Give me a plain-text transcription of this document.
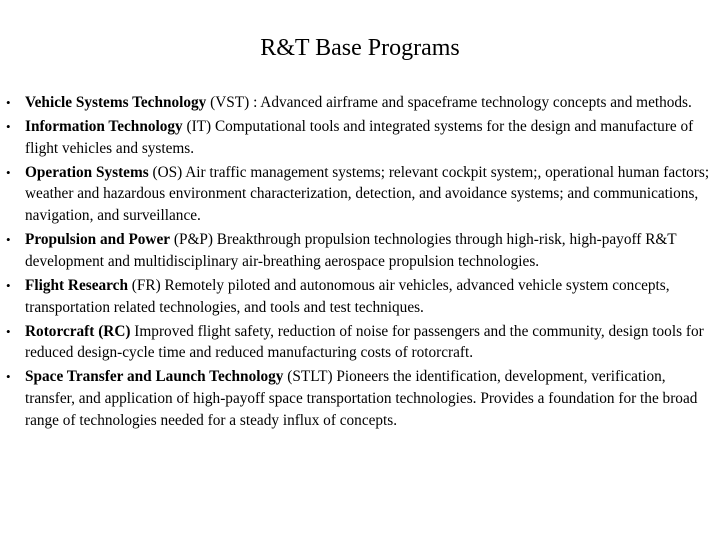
R&T Base Programs
• Vehicle Systems Technology (VST) : Advanced airframe and spaceframe technology concepts and methods.
• Information Technology (IT) Computational tools and integrated systems for the design and manufacture of flight vehicles and systems.
• Operation Systems (OS) Air traffic management systems; relevant cockpit system;, operational human factors; weather and hazardous environment characterization, detection, and avoidance systems; and communications, navigation, and surveillance.
• Propulsion and Power (P&P) Breakthrough propulsion technologies through high-risk, high-payoff R&T development and multidisciplinary air-breathing aerospace propulsion technologies.
• Flight Research (FR) Remotely piloted and autonomous air vehicles, advanced vehicle system concepts, transportation related technologies, and tools and test techniques.
• Rotorcraft (RC) Improved flight safety, reduction of noise for passengers and the community, design tools for reduced design-cycle time and reduced manufacturing costs of rotorcraft.
• Space Transfer and Launch Technology (STLT) Pioneers the identification, development, verification, transfer, and application of high-payoff space transportation technologies. Provides a foundation for the broad range of technologies needed for a steady influx of concepts.
